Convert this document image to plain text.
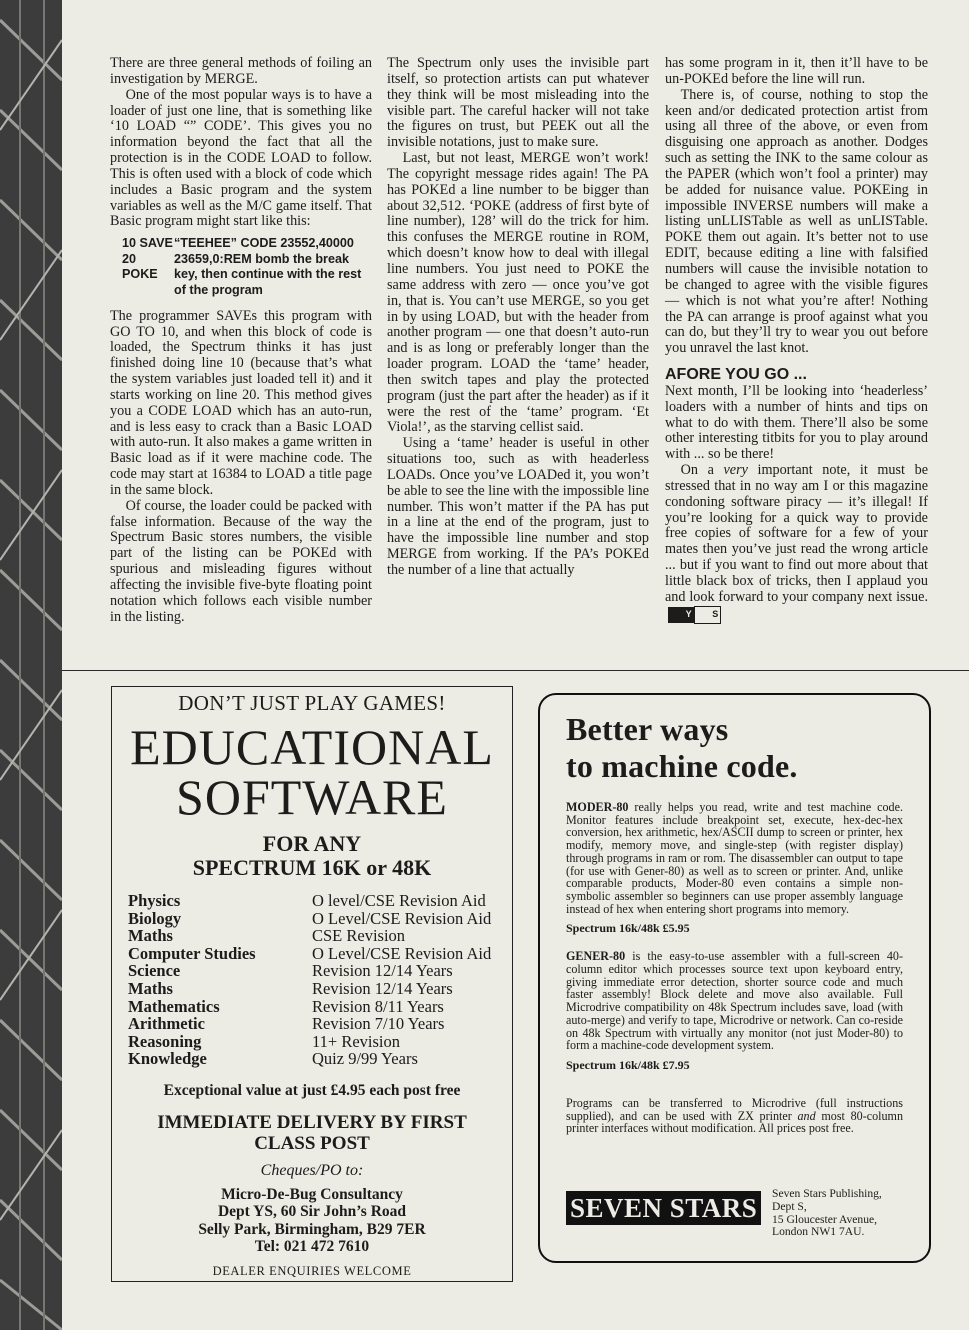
There are three general methods of foiling an investigation by MERGE.

One of the most popular ways is to have a loader of just one line, that is something like ‘10 LOAD “” CODE’. This gives you no information beyond the fact that all the protection is in the CODE LOAD to follow. This is often used with a block of code which includes a Basic program and the system variables as well as the M/C game itself. That Basic program might start like this:

10 SAVE “TEEHEE” CODE 23552,40000
20 POKE
23659,0:REM bomb the break key, then continue with the rest of the program

The programmer SAVEs this program with GO TO 10, and when this block of code is loaded, the Spectrum thinks it has just finished doing line 10 (because that’s what the system variables just loaded tell it) and it starts working on line 20. This method gives you a CODE LOAD which has an auto-run, and is less easy to crack than a Basic LOAD with auto-run. It also makes a game written in Basic load as if it were machine code. The code may start at 16384 to LOAD a title page in the same block.

Of course, the loader could be packed with false information. Because of the way the Spectrum Basic stores numbers, the visible part of the listing can be POKEd with spurious and misleading figures without affecting the invisible five-byte floating point notation which follows each visible number in the listing.

The Spectrum only uses the invisible part itself, so protection artists can put whatever they think will be most misleading into the visible part. The careful hacker will not take the figures on trust, but PEEK out all the invisible notations, just to make sure.

Last, but not least, MERGE won’t work! The copyright message rides again! The PA has POKEd a line number to be bigger than about 32,512. ‘POKE (address of first byte of line number), 128’ will do the trick for him. this confuses the MERGE routine in ROM, which doesn’t know how to deal with illegal line numbers. You just need to POKE the same address with zero — once you’ve got in, that is. You can’t use MERGE, so you get in by using LOAD, but with the header from another program — one that doesn’t auto-run and is as long or preferably longer than the loader program. LOAD the ‘tame’ header, then switch tapes and play the protected program (just the part after the header) as if it were the rest of the ‘tame’ program. ‘Et Viola!’, as the starving cellist said.

Using a ‘tame’ header is useful in other situations too, such as with headerless LOADs. Once you’ve LOADed it, you won’t be able to see the line with the impossible line number. This won’t matter if the PA has put in a line at the end of the program, just to have the impossible line number and stop MERGE from working. If the PA’s POKEd the number of a line that actually

has some program in it, then it’ll have to be un-POKEd before the line will run.

There is, of course, nothing to stop the keen and/or dedicated protection artist from using all three of the above, or even from disguising one approach as another. Dodges such as setting the INK to the same colour as the PAPER (which won’t fool a printer) may be added for nuisance value. POKEing in impossible INVERSE numbers will make a listing unLLISTable as well as unLISTable. POKE them out again. It’s better not to use EDIT, because editing a line with falsified numbers will cause the invisible notation to be changed to agree with the visible figures — which is not what you’re after! Nothing the PA can arrange is proof against what you can do, but they’ll try to wear you out before you unravel the last knot.

AFORE YOU GO ...

Next month, I’ll be looking into ‘headerless’ loaders with a number of hints and tips on what to do with them. There’ll also be some other interesting titbits for you to play around with ... so be there!

On a very important note, it must be stressed that in no way am I or this magazine condoning software piracy — it’s illegal! If you’re looking for a quick way to provide free copies of software for a few of your mates then you’ve just read the wrong article ... but if you want to find out more about that little black box of tricks, then I applaud you and look forward to your company next issue. Y S

DON’T JUST PLAY GAMES!
EDUCATIONAL
SOFTWARE
FOR ANY
SPECTRUM 16K or 48K
Physics	O level/CSE Revision Aid
Biology	O Level/CSE Revision Aid
Maths	CSE Revision
Computer Studies	O Level/CSE Revision Aid
Science	Revision 12/14 Years
Maths	Revision 12/14 Years
Mathematics	Revision 8/11 Years
Arithmetic	Revision 7/10 Years
Reasoning	11+ Revision
Knowledge	Quiz 9/99 Years
Exceptional value at just £4.95 each post free
IMMEDIATE DELIVERY BY FIRST
CLASS POST
Cheques/PO to:
Micro-De-Bug Consultancy
Dept YS, 60 Sir John’s Road
Selly Park, Birmingham, B29 7ER
Tel: 021 472 7610
DEALER ENQUIRIES WELCOME
Better ways
to machine code.
MODER-80 really helps you read, write and test machine code. Monitor features include breakpoint set, execute, hex-dec-hex conversion, hex arithmetic, hex/ASCII dump to screen or printer, hex modify, memory move, and single-step (with register display) through programs in ram or rom. The disassembler can output to tape (for use with Gener-80) as well as to screen or printer. And, unlike comparable products, Moder-80 even contains a simple non-symbolic assembler so beginners can use proper assembly language instead of hex when entering short programs into memory.
Spectrum 16k/48k £5.95
GENER-80 is the easy-to-use assembler with a full-screen 40-column editor which processes source text upon keyboard entry, giving immediate error detection, shorter source code and much faster assembly! Block delete and move also available. Full Microdrive compatibility on 48k Spectrum includes save, load (with auto-merge) and verify to tape, Microdrive or network. Can co-reside on 48k Spectrum with virtually any monitor (not just Moder-80) to form a machine-code development system.
Spectrum 16k/48k £7.95
Programs can be transferred to Microdrive (full instructions supplied), and can be used with ZX printer and most 80-column printer interfaces without modification. All prices post free.
SEVEN STARS	Seven Stars Publishing,
Dept S,
15 Gloucester Avenue,
London NW1 7AU.
